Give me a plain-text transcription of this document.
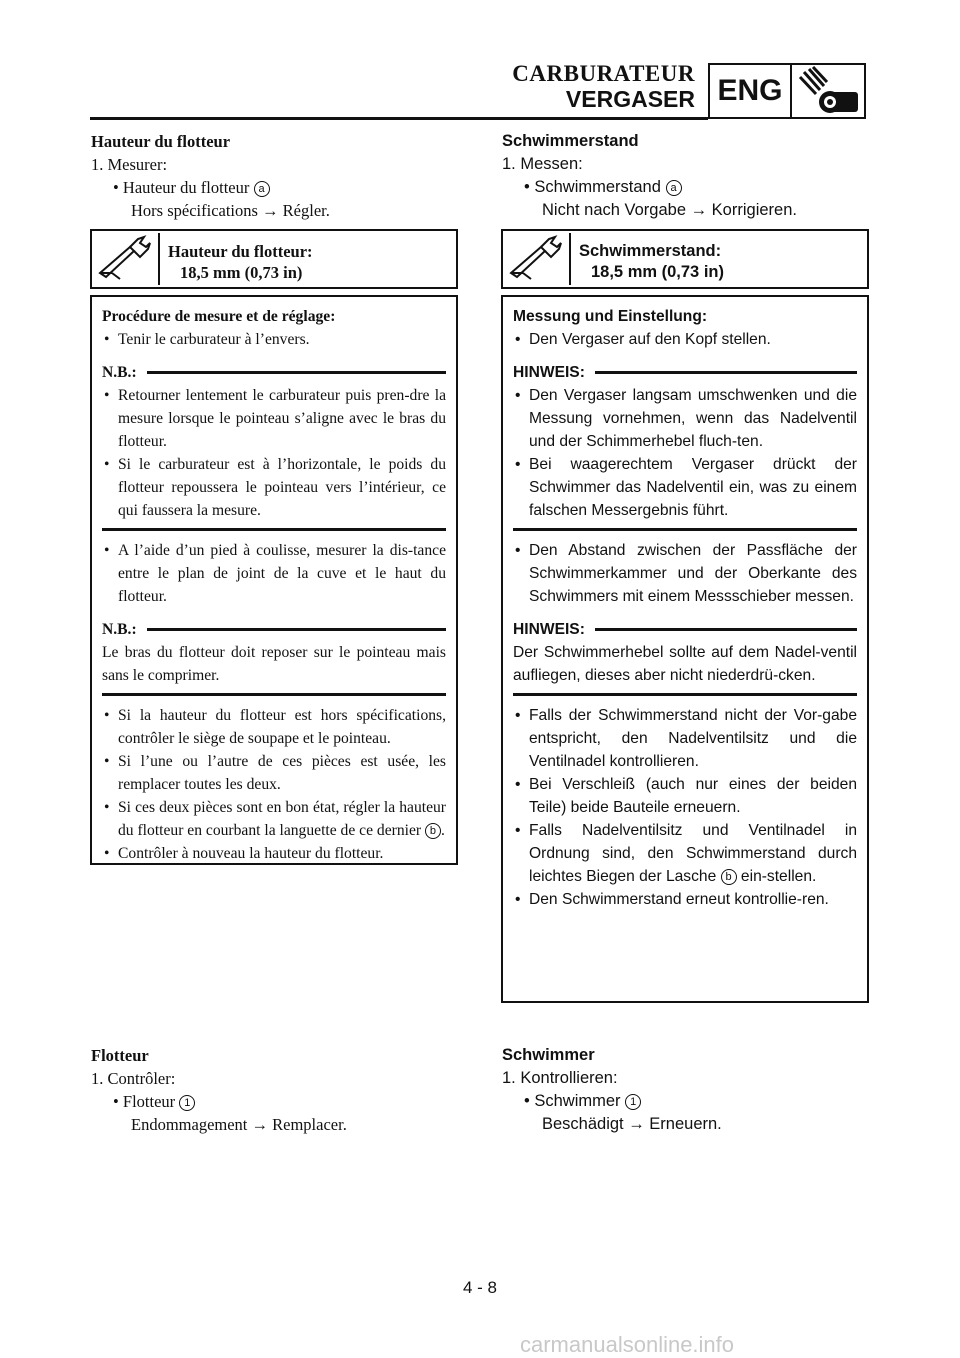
CARBURATEUR
VERGASER ENG
Hauteur du flotteur
1. Mesurer:
• Hauteur du flotteur a
Hors spécifications → Régler.
Hauteur du flotteur:
18,5 mm (0,73 in)
Procédure de mesure et de réglage:
• Tenir le carburateur à l’envers.
N.B.:
• Retourner lentement le carburateur puis pren-dre la mesure lorsque le pointeau s’aligne avec le bras du flotteur.
• Si le carburateur est à l’horizontale, le poids du flotteur repoussera le pointeau vers l’intérieur, ce qui faussera la mesure.
• A l’aide d’un pied à coulisse, mesurer la dis-tance entre le plan de joint de la cuve et le haut du flotteur.
N.B.:
Le bras du flotteur doit reposer sur le pointeau mais sans le comprimer.
• Si la hauteur du flotteur est hors spécifications, contrôler le siège de soupape et le pointeau.
• Si l’une ou l’autre de ces pièces est usée, les remplacer toutes les deux.
• Si ces deux pièces sont en bon état, régler la hauteur du flotteur en courbant la languette de ce dernier b .
• Contrôler à nouveau la hauteur du flotteur.
Flotteur
1. Contrôler:
• Flotteur 1
Endommagement → Remplacer.
Schwimmerstand
1. Messen:
• Schwimmerstand a
Nicht nach Vorgabe → Korrigieren.
Schwimmerstand:
18,5 mm (0,73 in)
Messung und Einstellung:
• Den Vergaser auf den Kopf stellen.
HINWEIS:
• Den Vergaser langsam umschwenken und die Messung vornehmen, wenn das Nadelventil und der Schimmerhebel fluch-ten.
• Bei waagerechtem Vergaser drückt der Schwimmer das Nadelventil ein, was zu einem falschen Messergebnis führt.
• Den Abstand zwischen der Passfläche der Schwimmerkammer und der Oberkante des Schwimmers mit einem Messschieber messen.
HINWEIS:
Der Schwimmerhebel sollte auf dem Nadel-ventil aufliegen, dieses aber nicht niederdrü-cken.
• Falls der Schwimmerstand nicht der Vor-gabe entspricht, den Nadelventilsitz und die Ventilnadel kontrollieren.
• Bei Verschleiß (auch nur eines der beiden Teile) beide Bauteile erneuern.
• Falls Nadelventilsitz und Ventilnadel in Ordnung sind, den Schwimmerstand durch leichtes Biegen der Lasche b ein-stellen.
• Den Schwimmerstand erneut kontrollie-ren.
Schwimmer
1. Kontrollieren:
• Schwimmer 1
Beschädigt → Erneuern.
4 - 8
carmanualsonline.info
